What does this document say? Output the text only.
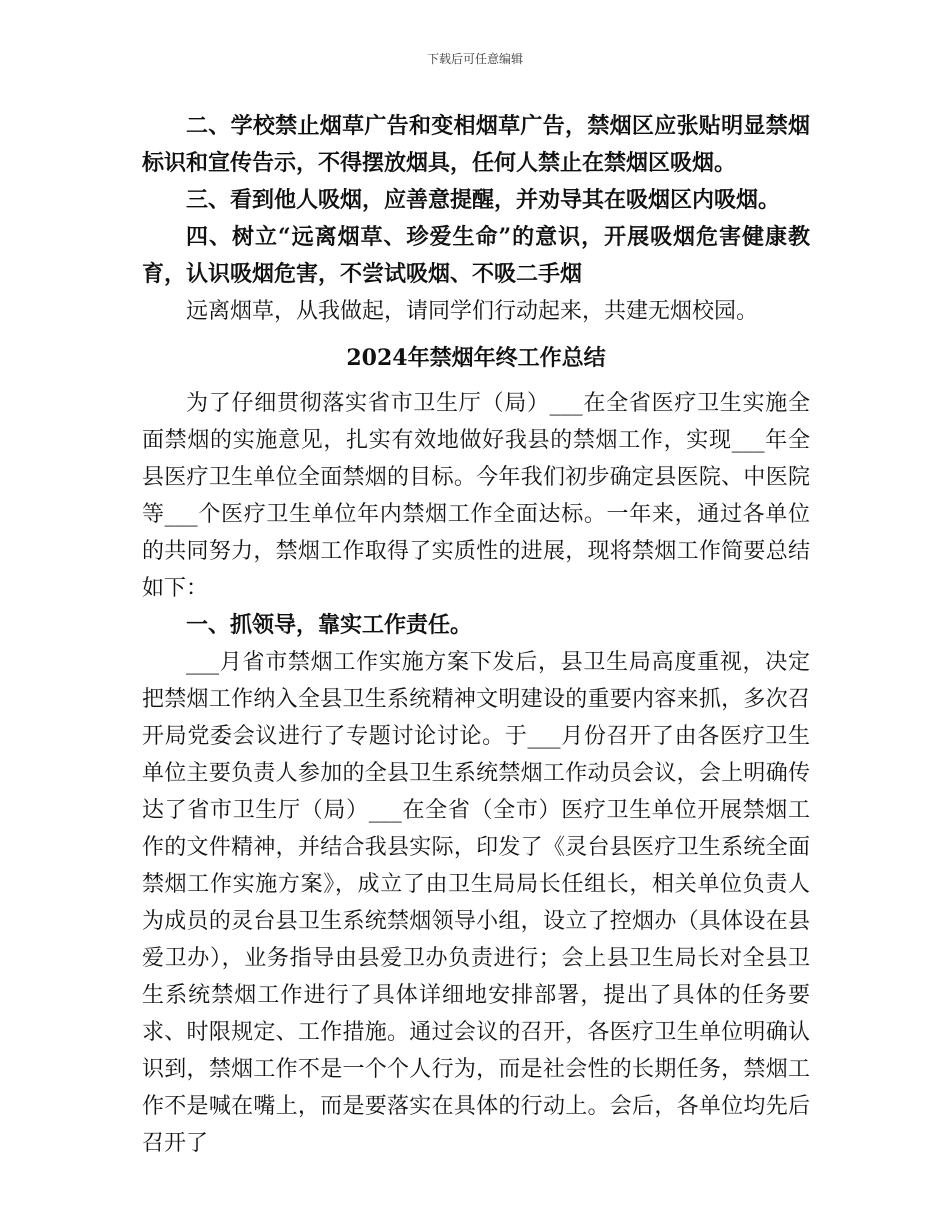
下载后可任意编辑

二、学校禁止烟草广告和变相烟草广告，禁烟区应张贴明显禁烟标识和宣传告示，不得摆放烟具，任何人禁止在禁烟区吸烟。

三、看到他人吸烟，应善意提醒，并劝导其在吸烟区内吸烟。

四、树立“远离烟草、珍爱生命”的意识，开展吸烟危害健康教育，认识吸烟危害，不尝试吸烟、不吸二手烟

远离烟草，从我做起，请同学们行动起来，共建无烟校园。

2024年禁烟年终工作总结

为了仔细贯彻落实省市卫生厅（局）___在全省医疗卫生实施全面禁烟的实施意见，扎实有效地做好我县的禁烟工作，实现___年全县医疗卫生单位全面禁烟的目标。今年我们初步确定县医院、中医院等___个医疗卫生单位年内禁烟工作全面达标。一年来，通过各单位的共同努力，禁烟工作取得了实质性的进展，现将禁烟工作简要总结如下：

一、抓领导，靠实工作责任。

___月省市禁烟工作实施方案下发后，县卫生局高度重视，决定把禁烟工作纳入全县卫生系统精神文明建设的重要内容来抓，多次召开局党委会议进行了专题讨论讨论。于___月份召开了由各医疗卫生单位主要负责人参加的全县卫生系统禁烟工作动员会议，会上明确传达了省市卫生厅（局）___在全省（全市）医疗卫生单位开展禁烟工作的文件精神，并结合我县实际，印发了《灵台县医疗卫生系统全面禁烟工作实施方案》，成立了由卫生局局长任组长，相关单位负责人为成员的灵台县卫生系统禁烟领导小组，设立了控烟办（具体设在县爱卫办），业务指导由县爱卫办负责进行；会上县卫生局长对全县卫生系统禁烟工作进行了具体详细地安排部署，提出了具体的任务要求、时限规定、工作措施。通过会议的召开，各医疗卫生单位明确认识到，禁烟工作不是一个个人行为，而是社会性的长期任务，禁烟工作不是喊在嘴上，而是要落实在具体的行动上。会后，各单位均先后召开了
